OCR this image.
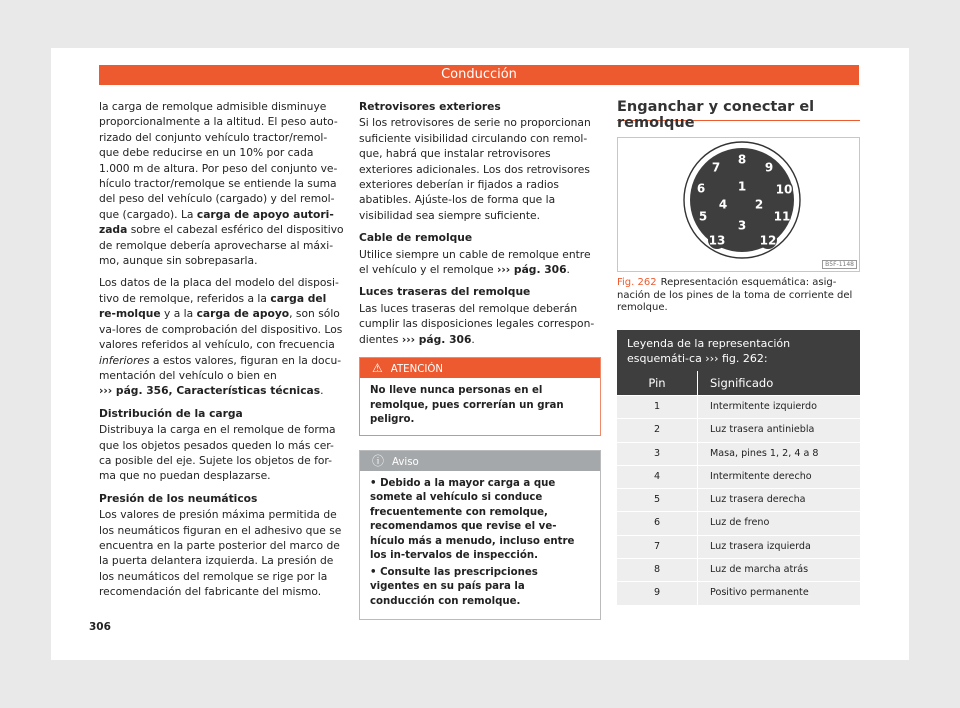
Conducción

la carga de remolque admisible disminuye proporcionalmente a la altitud. El peso auto-rizado del conjunto vehículo tractor/remol-que debe reducirse en un 10% por cada 1.000 m de altura. Por peso del conjunto ve-hículo tractor/remolque se entiende la suma del peso del vehículo (cargado) y del remol-que (cargado). La carga de apoyo autori-zada sobre el cabezal esférico del dispositivo de remolque debería aprovecharse al máxi-mo, aunque sin sobrepasarla.

Los datos de la placa del modelo del disposi-tivo de remolque, referidos a la carga del re-molque y a la carga de apoyo, son sólo va-lores de comprobación del dispositivo. Los valores referidos al vehículo, con frecuencia inferiores a estos valores, figuran en la docu-mentación del vehículo o bien en
››› pág. 356, Características técnicas.

Distribución de la carga

Distribuya la carga en el remolque de forma que los objetos pesados queden lo más cer-ca posible del eje. Sujete los objetos de for-ma que no puedan desplazarse.

Presión de los neumáticos

Los valores de presión máxima permitida de los neumáticos figuran en el adhesivo que se encuentra en la parte posterior del marco de la puerta delantera izquierda. La presión de los neumáticos del remolque se rige por la recomendación del fabricante del mismo.

Retrovisores exteriores

Si los retrovisores de serie no proporcionan suficiente visibilidad circulando con remol-que, habrá que instalar retrovisores exteriores adicionales. Los dos retrovisores exteriores deberían ir fijados a radios abatibles. Ajúste-los de forma que la visibilidad sea siempre suficiente.

Cable de remolque

Utilice siempre un cable de remolque entre el vehículo y el remolque ››› pág. 306.

Luces traseras del remolque

Las luces traseras del remolque deberán cumplir las disposiciones legales correspon-dientes ››› pág. 306.

⚠ ATENCIÓN
No lleve nunca personas en el remolque, pues correrían un gran peligro.
ⓘ Aviso

• Debido a la mayor carga a que somete al vehículo si conduce frecuentemente con remolque, recomendamos que revise el ve-hículo más a menudo, incluso entre los in-tervalos de inspección.

• Consulte las prescripciones vigentes en su país para la conducción con remolque.

306
Enganchar y conectar el remolque
1
2
3
4
5
6
7
8
9
10
11
12
13
B5F-1148
Fig. 262 Representación esquemática: asig-nación de los pines de la toma de corriente del remolque.
Leyenda de la representación esquemáti-ca ››› fig. 262:
Pin	Significado
1	Intermitente izquierdo
2	Luz trasera antiniebla
3	Masa, pines 1, 2, 4 a 8
4	Intermitente derecho
5	Luz trasera derecha
6	Luz de freno
7	Luz trasera izquierda
8	Luz de marcha atrás
9	Positivo permanente
